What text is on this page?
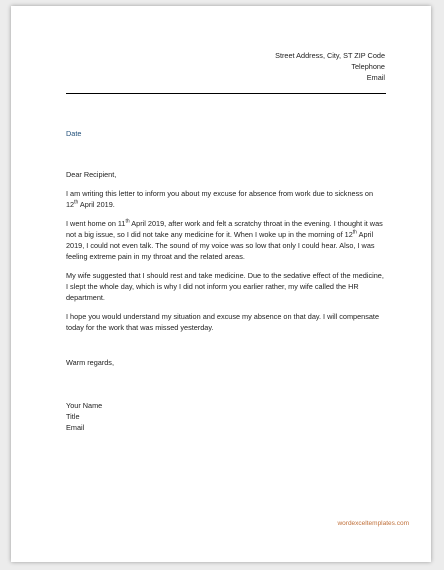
Street Address, City, ST ZIP Code
Telephone
Email
Date

Dear Recipient,

I am writing this letter to inform you about my excuse for absence from work due to sickness on 12th April 2019.

I went home on 11th April 2019, after work and felt a scratchy throat in the evening. I thought it was not a big issue, so I did not take any medicine for it. When I woke up in the morning of 12th April 2019, I could not even talk. The sound of my voice was so low that only I could hear. Also, I was feeling extreme pain in my throat and the related areas.

My wife suggested that I should rest and take medicine. Due to the sedative effect of the medicine, I slept the whole day, which is why I did not inform you earlier rather, my wife called the HR department.

I hope you would understand my situation and excuse my absence on that day. I will compensate today for the work that was missed yesterday.

Warm regards,
Your Name
Title
Email
wordexceltemplates.com
